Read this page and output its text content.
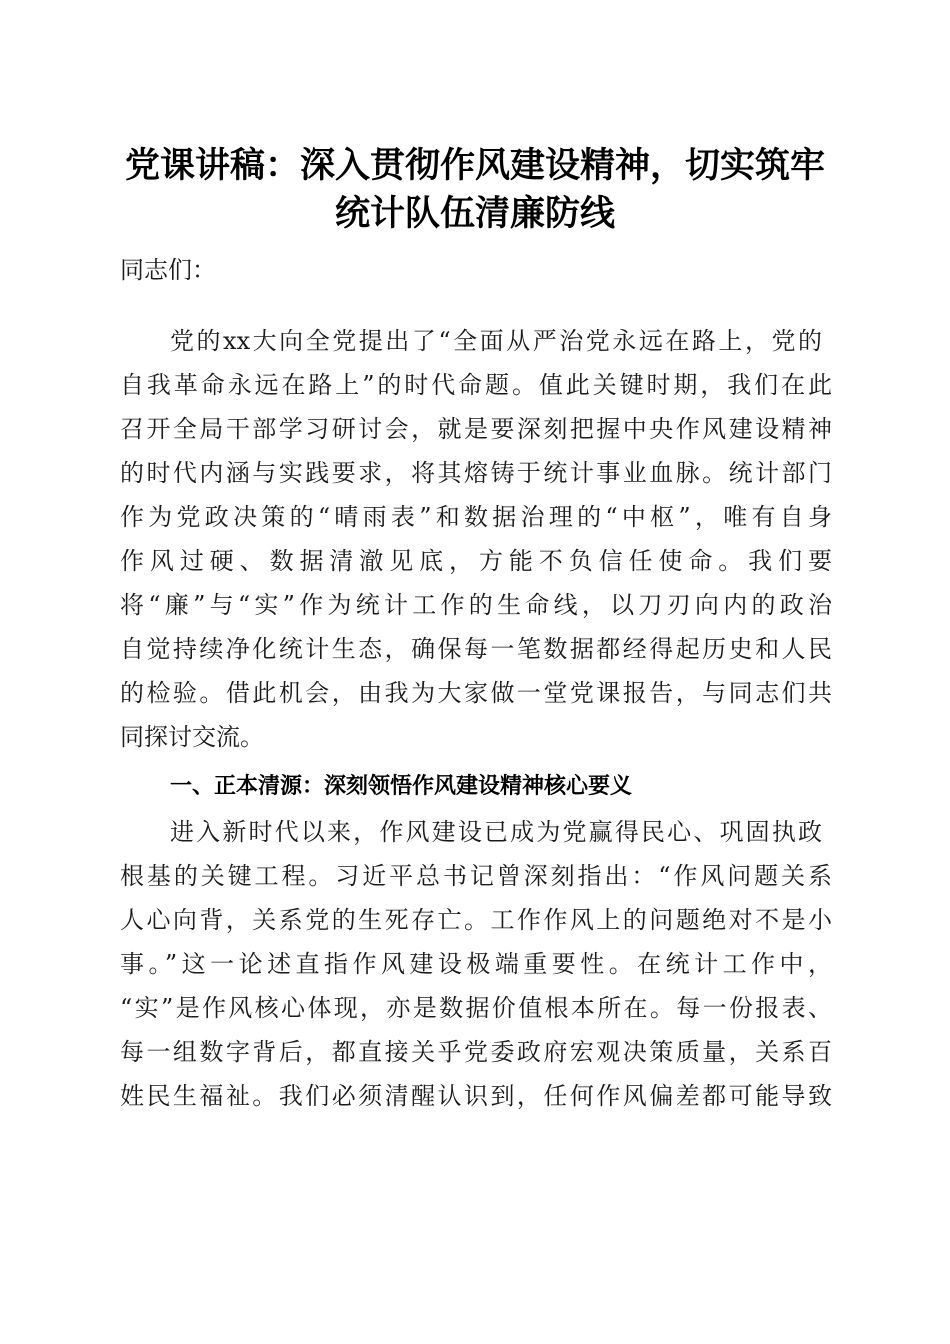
党课讲稿：深入贯彻作风建设精神，切实筑牢
统计队伍清廉防线
同志们：
党的xx大向全党提出了“全面从严治党永远在路上，党的
自我革命永远在路上”的时代命题。值此关键时期，我们在此
召开全局干部学习研讨会，就是要深刻把握中央作风建设精神
的时代内涵与实践要求，将其熔铸于统计事业血脉。统计部门
作为党政决策的“晴雨表”和数据治理的“中枢”，唯有自身
作风过硬、数据清澈见底，方能不负信任使命。我们要
将“廉”与“实”作为统计工作的生命线，以刀刃向内的政治
自觉持续净化统计生态，确保每一笔数据都经得起历史和人民
的检验。借此机会，由我为大家做一堂党课报告，与同志们共
同探讨交流。
一、正本清源：深刻领悟作风建设精神核心要义
进入新时代以来，作风建设已成为党赢得民心、巩固执政
根基的关键工程。习近平总书记曾深刻指出：“作风问题关系
人心向背，关系党的生死存亡。工作作风上的问题绝对不是小
事。”这一论述直指作风建设极端重要性。在统计工作中，
“实”是作风核心体现，亦是数据价值根本所在。每一份报表、
每一组数字背后，都直接关乎党委政府宏观决策质量，关系百
姓民生福祉。我们必须清醒认识到，任何作风偏差都可能导致
